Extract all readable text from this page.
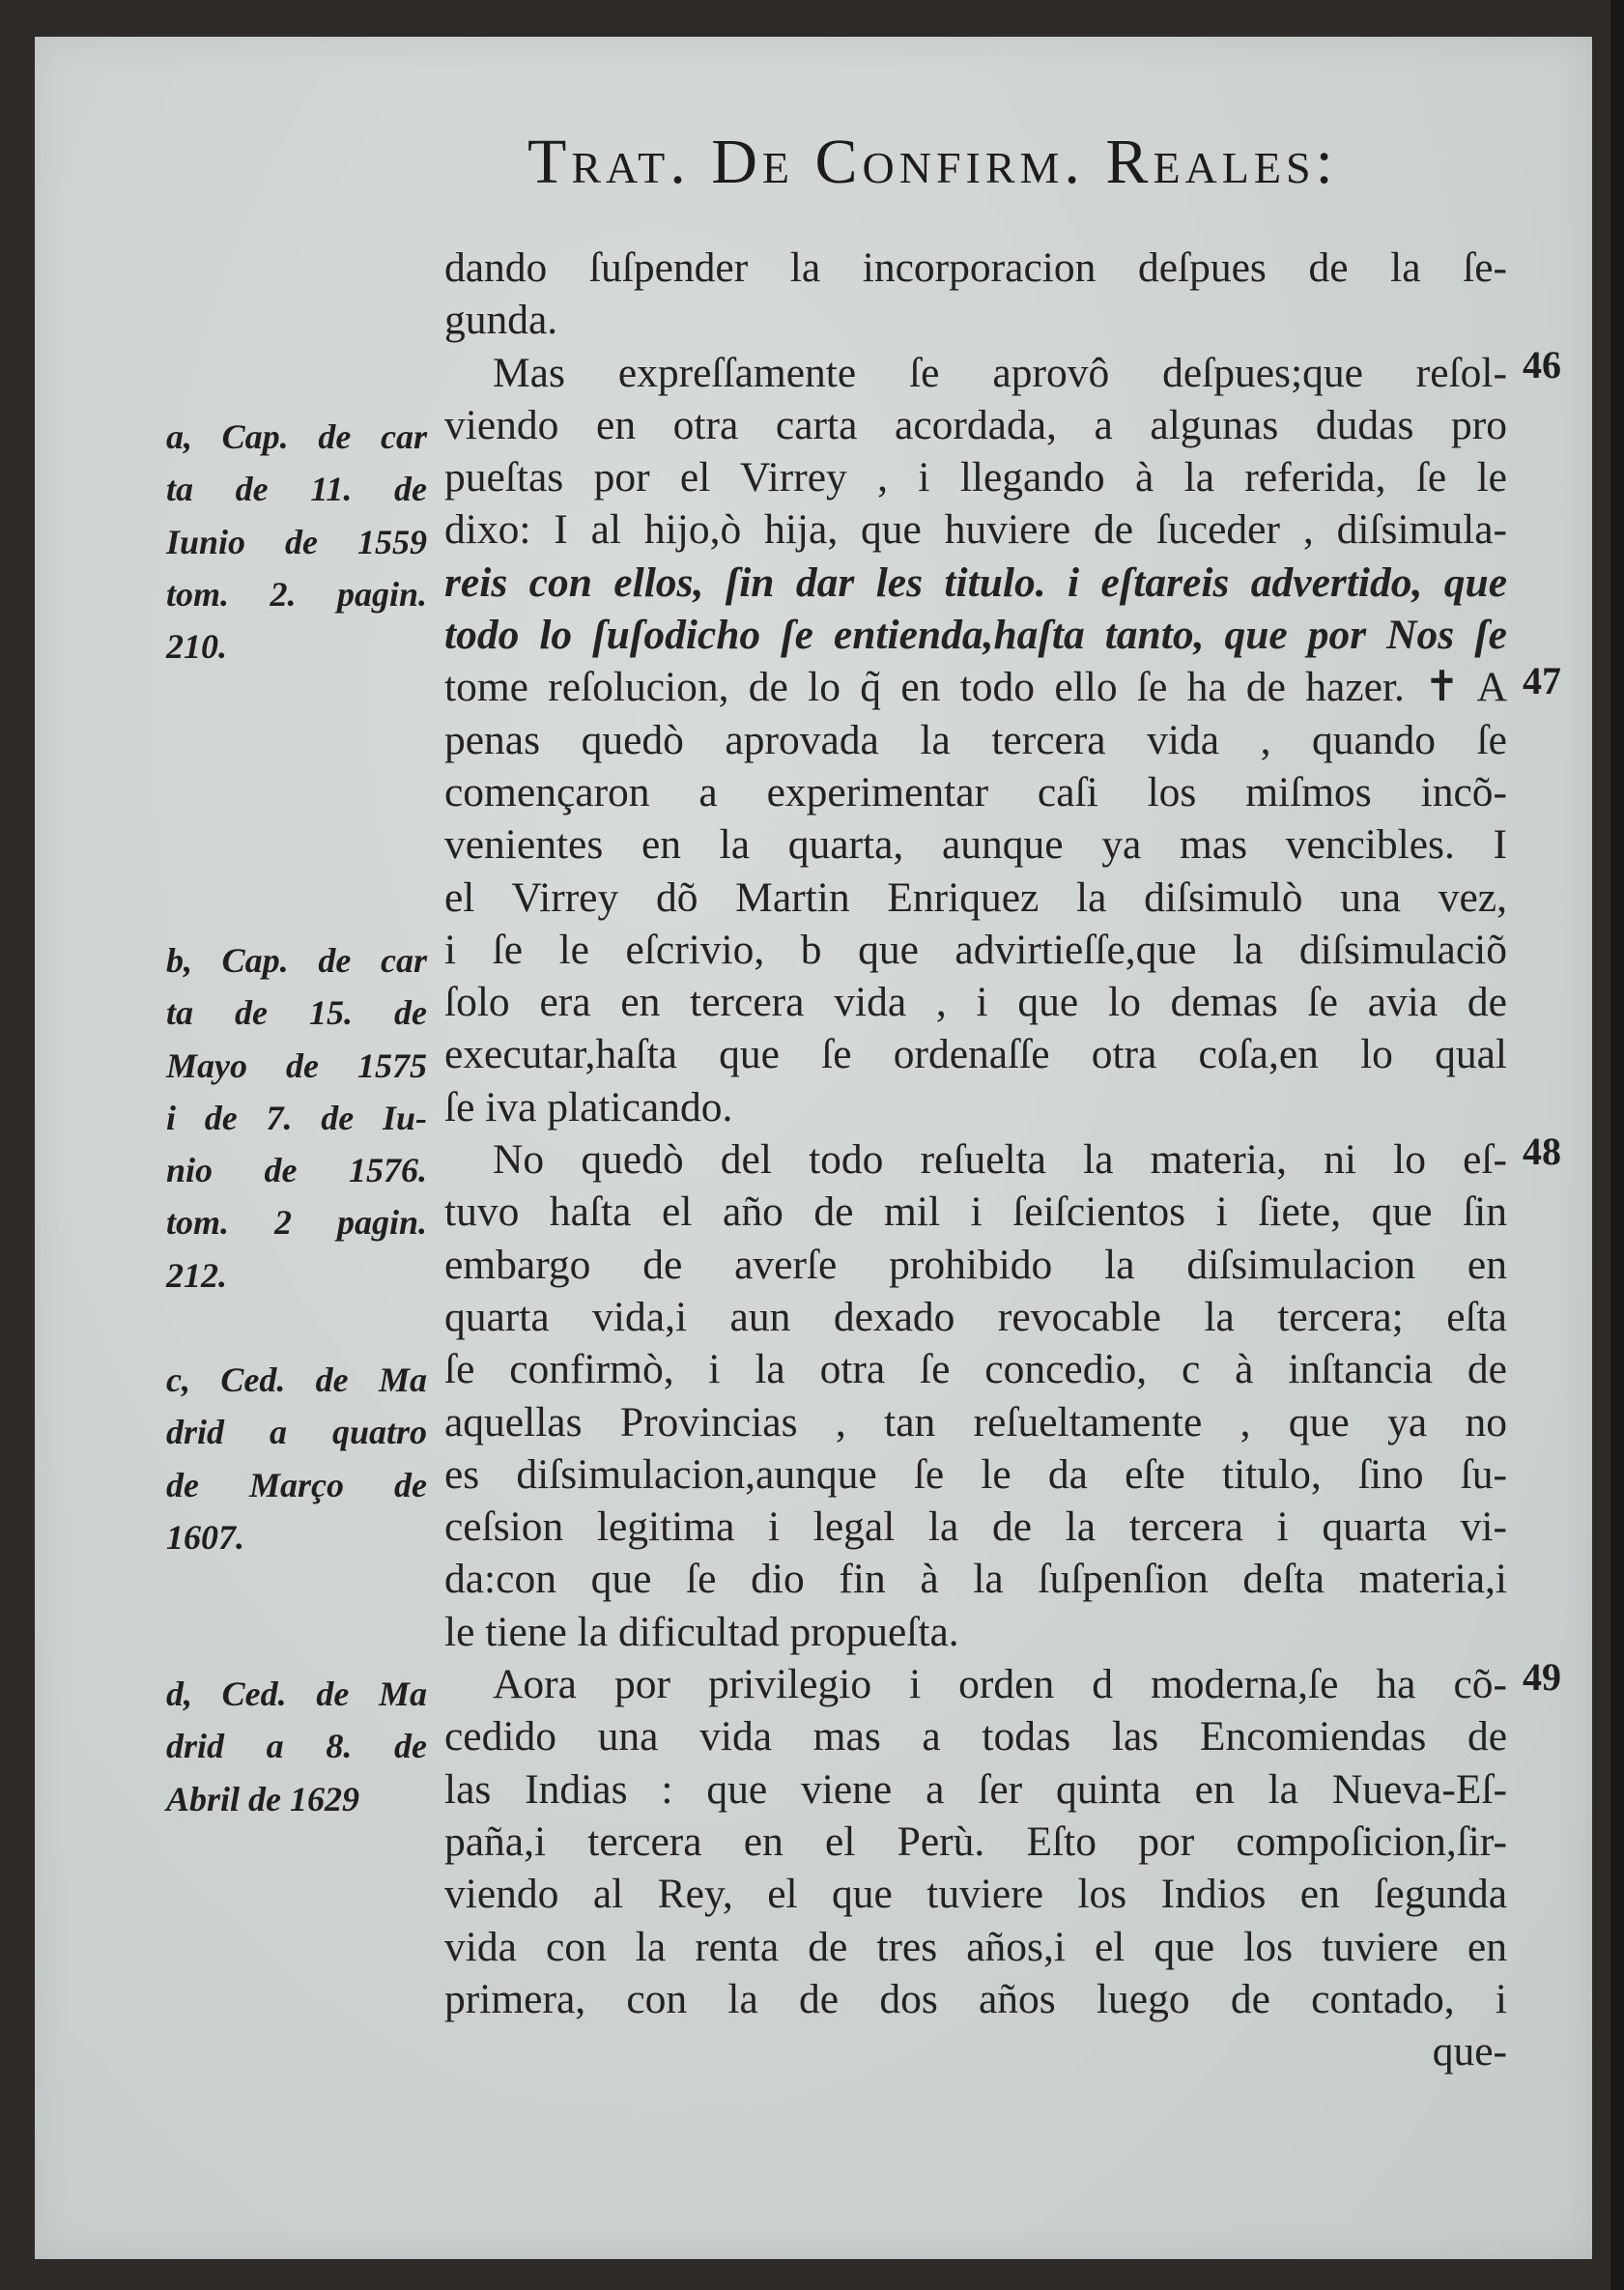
Trat. De Confirm. Reales:
dando ſuſpender la incorporacion deſpues de la ſe-
gunda.
Mas expreſſamente ſe aprovô deſpues;que reſol-
viendo en otra carta acordada, a algunas dudas pro
pueſtas por el Virrey , i llegando à la referida, ſe le
dixo: I al hijo,ò hija, que huviere de ſuceder , diſsimula-
reis con ellos, ſin dar les titulo. i eſtareis advertido, que
todo lo ſuſodicho ſe entienda,haſta tanto, que por Nos ſe
tome reſolucion, de lo q̃ en todo ello ſe ha de hazer. ✝ A
penas quedò aprovada la tercera vida , quando ſe
començaron a experimentar caſi los miſmos incõ-
venientes en la quarta, aunque ya mas vencibles. I
el Virrey dõ Martin Enriquez la diſsimulò una vez,
i ſe le eſcrivio, b que advirtieſſe,que la diſsimulaciõ
ſolo era en tercera vida , i que lo demas ſe avia de
executar,haſta que ſe ordenaſſe otra coſa,en lo qual
ſe iva platicando.
No quedò del todo reſuelta la materia, ni lo eſ-
tuvo haſta el año de mil i ſeiſcientos i ſiete, que ſin
embargo de averſe prohibido la diſsimulacion en
quarta vida,i aun dexado revocable la tercera; eſta
ſe confirmò, i la otra ſe concedio, c à inſtancia de
aquellas Provincias , tan reſueltamente , que ya no
es diſsimulacion,aunque ſe le da eſte titulo, ſino ſu-
ceſsion legitima i legal la de la tercera i quarta vi-
da:con que ſe dio fin à la ſuſpenſion deſta materia,i
le tiene la dificultad propueſta.
Aora por privilegio i orden d moderna,ſe ha cõ-
cedido una vida mas a todas las Encomiendas de
las Indias : que viene a ſer quinta en la Nueva-Eſ-
paña,i tercera en el Perù. Eſto por compoſicion,ſir-
viendo al Rey, el que tuviere los Indios en ſegunda
vida con la renta de tres años,i el que los tuviere en
primera, con la de dos años luego de contado, i
que-
a, Cap. de car
ta de 11. de
Iunio de 1559
tom. 2. pagin.
210.
b, Cap. de car
ta de 15. de
Mayo de 1575
i de 7. de Iu-
nio de 1576.
tom. 2 pagin.
212.
c, Ced. de Ma
drid a quatro
de Março de
1607.
d, Ced. de Ma
drid a 8. de
Abril de 1629
46
47
48
49
